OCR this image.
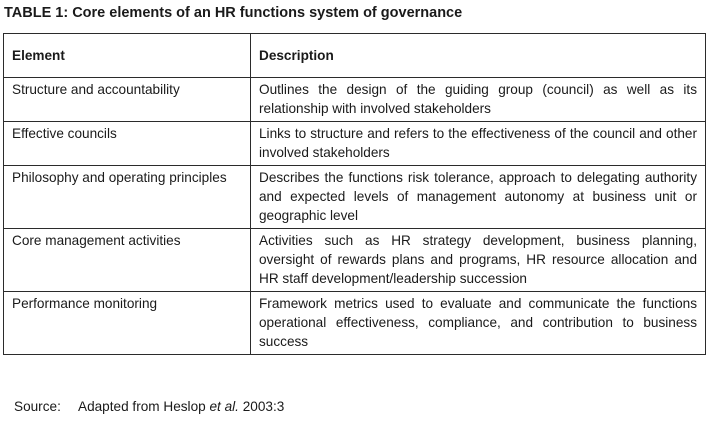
TABLE 1: Core elements of an HR functions system of governance
Element	Description
Structure and accountability	Outlines the design of the guiding group (council) as well as its relationship with involved stakeholders
Effective councils	Links to structure and refers to the effectiveness of the council and other involved stakeholders
Philosophy and operating principles	Describes the functions risk tolerance, approach to delegating authority and expected levels of management autonomy at business unit or geographic level
Core management activities	Activities such as HR strategy development, business planning, oversight of rewards plans and programs, HR resource allocation and HR staff development/leadership succession
Performance monitoring	Framework metrics used to evaluate and communicate the functions operational effectiveness, compliance, and contribution to business success
Source: Adapted from Heslop et al. 2003:3
